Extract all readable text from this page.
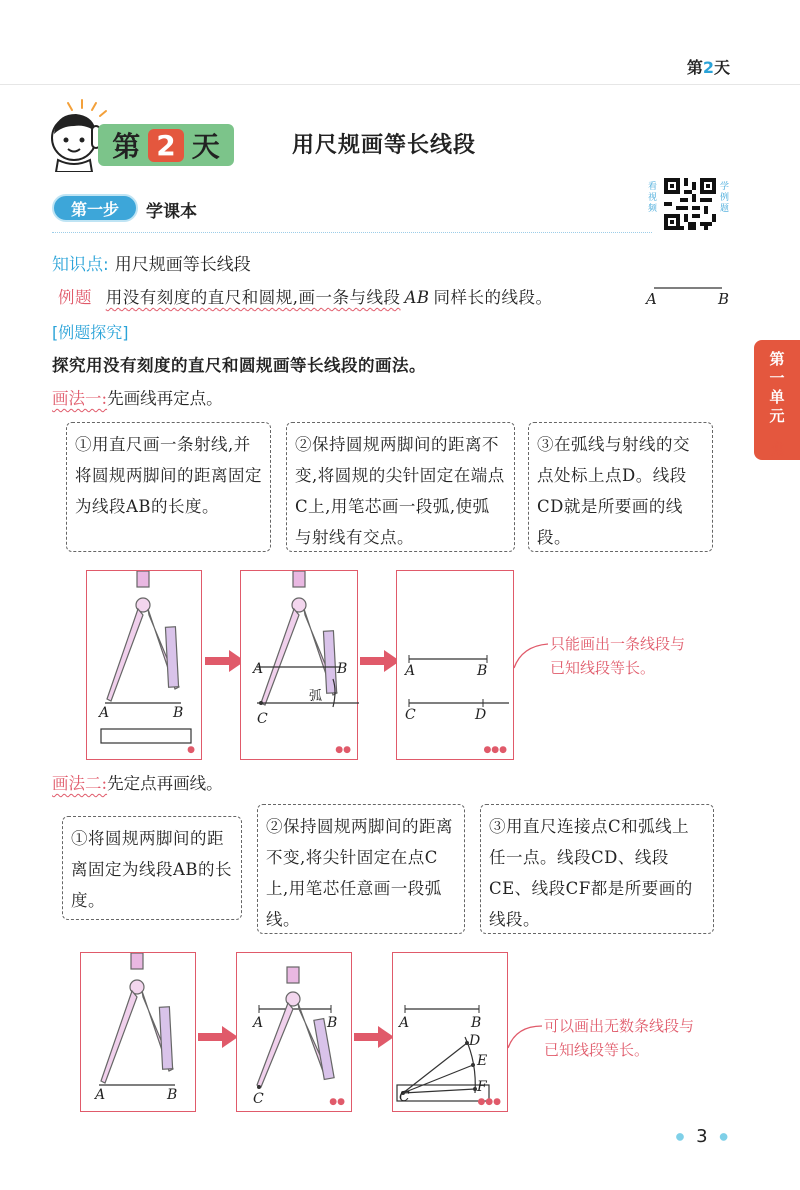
第2天
第 2 天	用尺规画等长线段
第一步	学课本
看视频
学例题
第一单元
角
知识点: 用尺规画等长线段
例题 用没有刻度的直尺和圆规,画一条与线段 AB 同样长的线段。	A	B
[例题探究]
探究用没有刻度的直尺和圆规画等长线段的画法。
画法一:先画线再定点。
①用直尺画一条射线,并将圆规两脚间的距离固定为线段AB的长度。
②保持圆规两脚间的距离不变,将圆规的尖针固定在端点C上,用笔芯画一段弧,使弧与射线有交点。
③在弧线与射线的交点处标上点D。线段CD就是所要画的线段。
A	B
●
A	B
C
弧
●●
A	B
C	D
●●●
只能画出一条线段与已知线段等长。
画法二:先定点再画线。
①将圆规两脚间的距离固定为线段AB的长度。
②保持圆规两脚间的距离不变,将尖针固定在点C上,用笔芯任意画一段弧线。
③用直尺连接点C和弧线上任一点。线段CD、线段CE、线段CF都是所要画的线段。
A	B
A	B
C	●●
A	B
C
D
E
F
●●●
可以画出无数条线段与已知线段等长。
● 3 ●
